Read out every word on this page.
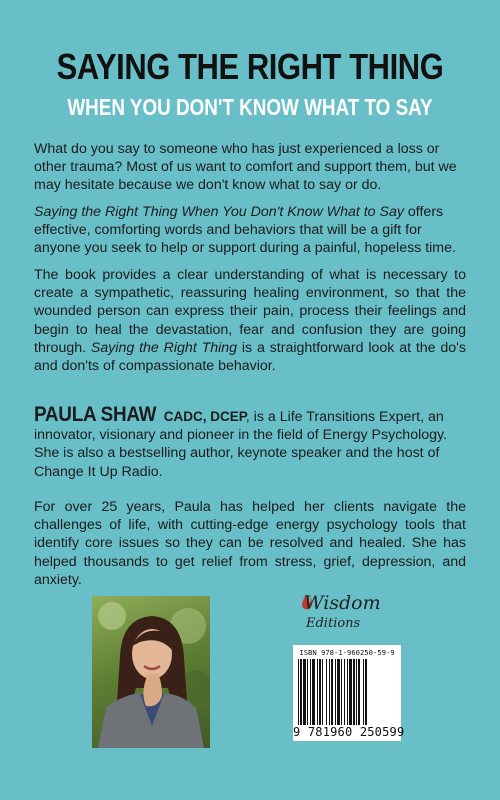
SAYING THE RIGHT THING
WHEN YOU DON'T KNOW WHAT TO SAY

What do you say to someone who has just experienced a loss or other trauma? Most of us want to comfort and support them, but we may hesitate because we don't know what to say or do.

Saying the Right Thing When You Don't Know What to Say offers effective, comforting words and behaviors that will be a gift for anyone you seek to help or support during a painful, hopeless time.

The book provides a clear understanding of what is necessary to create a sympathetic, reassuring healing environment, so that the wounded person can express their pain, process their feelings and begin to heal the devastation, fear and confusion they are going through. Saying the Right Thing is a straightforward look at the do's and don'ts of compassionate behavior.

PAULA SHAW CADC, DCEP, is a Life Transitions Expert, an innovator, visionary and pioneer in the field of Energy Psychology. She is also a bestselling author, keynote speaker and the host of Change It Up Radio.

For over 25 years, Paula has helped her clients navigate the challenges of life, with cutting-edge energy psychology tools that identify core issues so they can be resolved and healed. She has helped thousands to get relief from stress, grief, depression, and anxiety.

Wisdom
Editions
ISBN 978-1-960250-59-9
9 781960 250599
